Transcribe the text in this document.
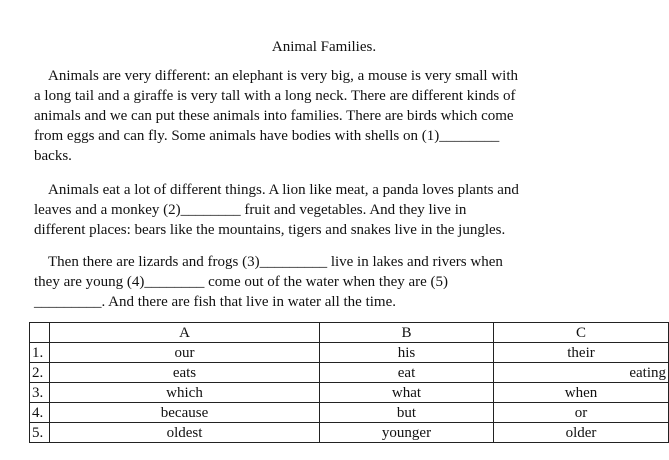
Animal Families.
Animals are very different: an elephant is very big, a mouse is very small with
a long tail and a giraffe is very tall with a long neck. There are different kinds of
animals and we can put these animals into families. There are birds which come
from eggs and can fly. Some animals have bodies with shells on (1)________
backs.
Animals eat a lot of different things. A lion like meat, a panda loves plants and
leaves and a monkey (2)________ fruit and vegetables. And they live in
different places: bears like the mountains, tigers and snakes live in the jungles.
Then there are lizards and frogs (3)_________ live in lakes and rivers when
they are young (4)________ come out of the water when they are (5)
_________. And there are fish that live in water all the time.
	A	B	C
1.	our	his	their
2.	eats	eat	eating
3.	which	what	when
4.	because	but	or
5.	oldest	younger	older
